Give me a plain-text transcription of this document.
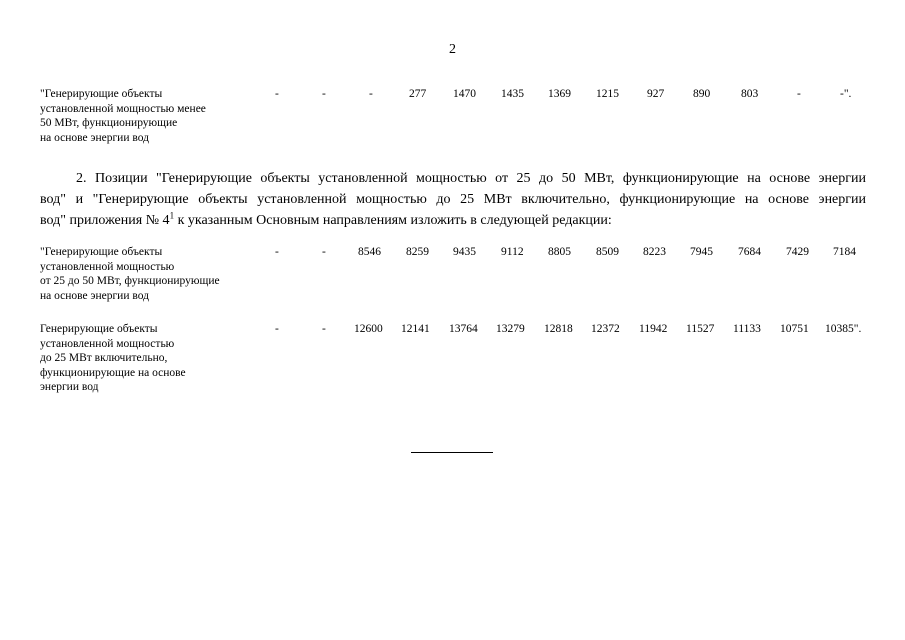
2
"Генерирующие объекты
установленной мощностью менее
50 МВт, функционирующие
на основе энергии вод
-	-	-	277 1470 1435 1369 1215 927	890	803	-	-".
2. Позиции "Генерирующие объекты установленной мощностью от 25 до 50 МВт, функционирующие на основе энергии
вод" и "Генерирующие объекты установленной мощностью до 25 МВт включительно, функционирующие на основе энергии
вод" приложения № $4^1$ к указанным Основным направлениям изложить в следующей редакции:
"Генерирующие объекты
установленной мощностью
от 25 до 50 МВт, функционирующие
на основе энергии вод
-	-	8546 8259 9435 9112 8805 8509 8223 7945 7684 7429 7184
Генерирующие объекты
установленной мощностью
до 25 МВт включительно,
функционирующие на основе
энергии вод
-	- 12600 12141 13764 13279 12818 12372 11942 11527 11133 10751 10385".
